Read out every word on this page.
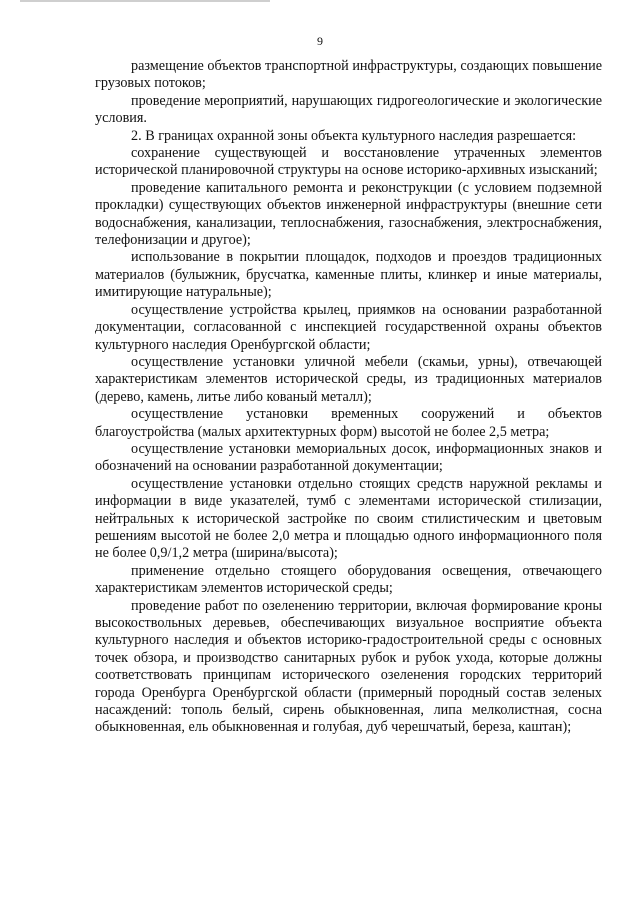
9

размещение объектов транспортной инфраструктуры, создающих повышение грузовых потоков;

проведение мероприятий, нарушающих гидрогеологические и экологические условия.

2. В границах охранной зоны объекта культурного наследия разрешается:

сохранение существующей и восстановление утраченных элементов исторической планировочной структуры на основе историко-архивных изысканий;

проведение капитального ремонта и реконструкции (с условием подземной прокладки) существующих объектов инженерной инфраструктуры (внешние сети водоснабжения, канализации, теплоснабжения, газоснабжения, электроснабжения, телефонизации и другое);

использование в покрытии площадок, подходов и проездов традиционных материалов (булыжник, брусчатка, каменные плиты, клинкер и иные материалы, имитирующие натуральные);

осуществление устройства крылец, приямков на основании разработанной документации, согласованной с инспекцией государственной охраны объектов культурного наследия Оренбургской области;

осуществление установки уличной мебели (скамьи, урны), отвечающей характеристикам элементов исторической среды, из традиционных материалов (дерево, камень, литье либо кованый металл);

осуществление установки временных сооружений и объектов благоустройства (малых архитектурных форм) высотой не более 2,5 метра;

осуществление установки мемориальных досок, информационных знаков и обозначений на основании разработанной документации;

осуществление установки отдельно стоящих средств наружной рекламы и информации в виде указателей, тумб с элементами исторической стилизации, нейтральных к исторической застройке по своим стилистическим и цветовым решениям высотой не более 2,0 метра и площадью одного информационного поля не более 0,9/1,2 метра (ширина/высота);

применение отдельно стоящего оборудования освещения, отвечающего характеристикам элементов исторической среды;

проведение работ по озеленению территории, включая формирование кроны высокоствольных деревьев, обеспечивающих визуальное восприятие объекта культурного наследия и объектов историко-градостроительной среды с основных точек обзора, и производство санитарных рубок и рубок ухода, которые должны соответствовать принципам исторического озеленения городских территорий города Оренбурга Оренбургской области (примерный породный состав зеленых насаждений: тополь белый, сирень обыкновенная, липа мелколистная, сосна обыкновенная, ель обыкновенная и голубая, дуб черешчатый, береза, каштан);
